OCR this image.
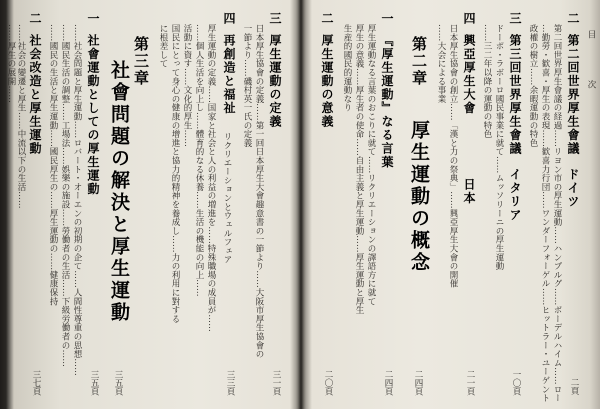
目
次
二
第二回世界厚生會議
ドイツ
第二回世界厚生會議の経過……リヨン市の厚生運動……ハンブルグ……ボーデルハイム……ロー
…勤勞・歓喜・厚生の表現……歓喜力行団……ワンダーフォーゲル……ヒットラー・ユーゲント
政權の樹立……余暇運動の特色
二頁
三
第三回世界厚生會議
イタリア
ドーポ・ラボーロ國民事業に就て……ムッソリーニの厚生運動
……三二年以降の運動の特色
一〇頁
四
興亞厚生大會
日本
日本厚生協會の創立……「漢と力の祭典」……興亞厚生大會の開催
……大会による事業
二一頁
第二章
厚生運動の概念
二四頁
一
『厚生運動』なる言葉
厚生運動なる言葉のおこりに就て……リクリエーションの譯語方に就て
厚生の意義……厚生者の使命……自由主義と厚生運動……厚生運動と厚生
生産的國民的運動なり
二四頁
二
厚生運動の意義
二〇頁
三
厚生運動の定義
日本厚生協會の定義……第一回日本厚生大會趣意書の一節より……大阪市厚生協會の
一節より……磯村英一氏の定義
三一頁
四
再創造と福祉
リクリエーションとウェルフェア
厚生運動の定義……国家と社会と人の利益の増進を……特殊職場の成員が……
……個人生活を向上し……體育的なる休養……生活の機能の向上……
活動に資す……文化的厚生……
国民にとって身心の健康の增進と協力的精神を養成し……力の利用に對する
に根差して
三三頁
第三章
社會問題の解決と厚生運動
三五頁
一
社會運動としての厚生運動
……社会問題と厚生運動……ロバート・オーエンの初期の企て……人間性尊重の思想……
……國民生活の調整……工場法……娯樂の施設……勞働者の生活……下級労働者の……
……國民の生活と厚生運動……國民厚生の……厚生運動の……健康保持
三五頁
二
社会改造と厚生運動
……社会の變遷と厚生……中流以下の生活……
……厚生の展開……
三七頁
